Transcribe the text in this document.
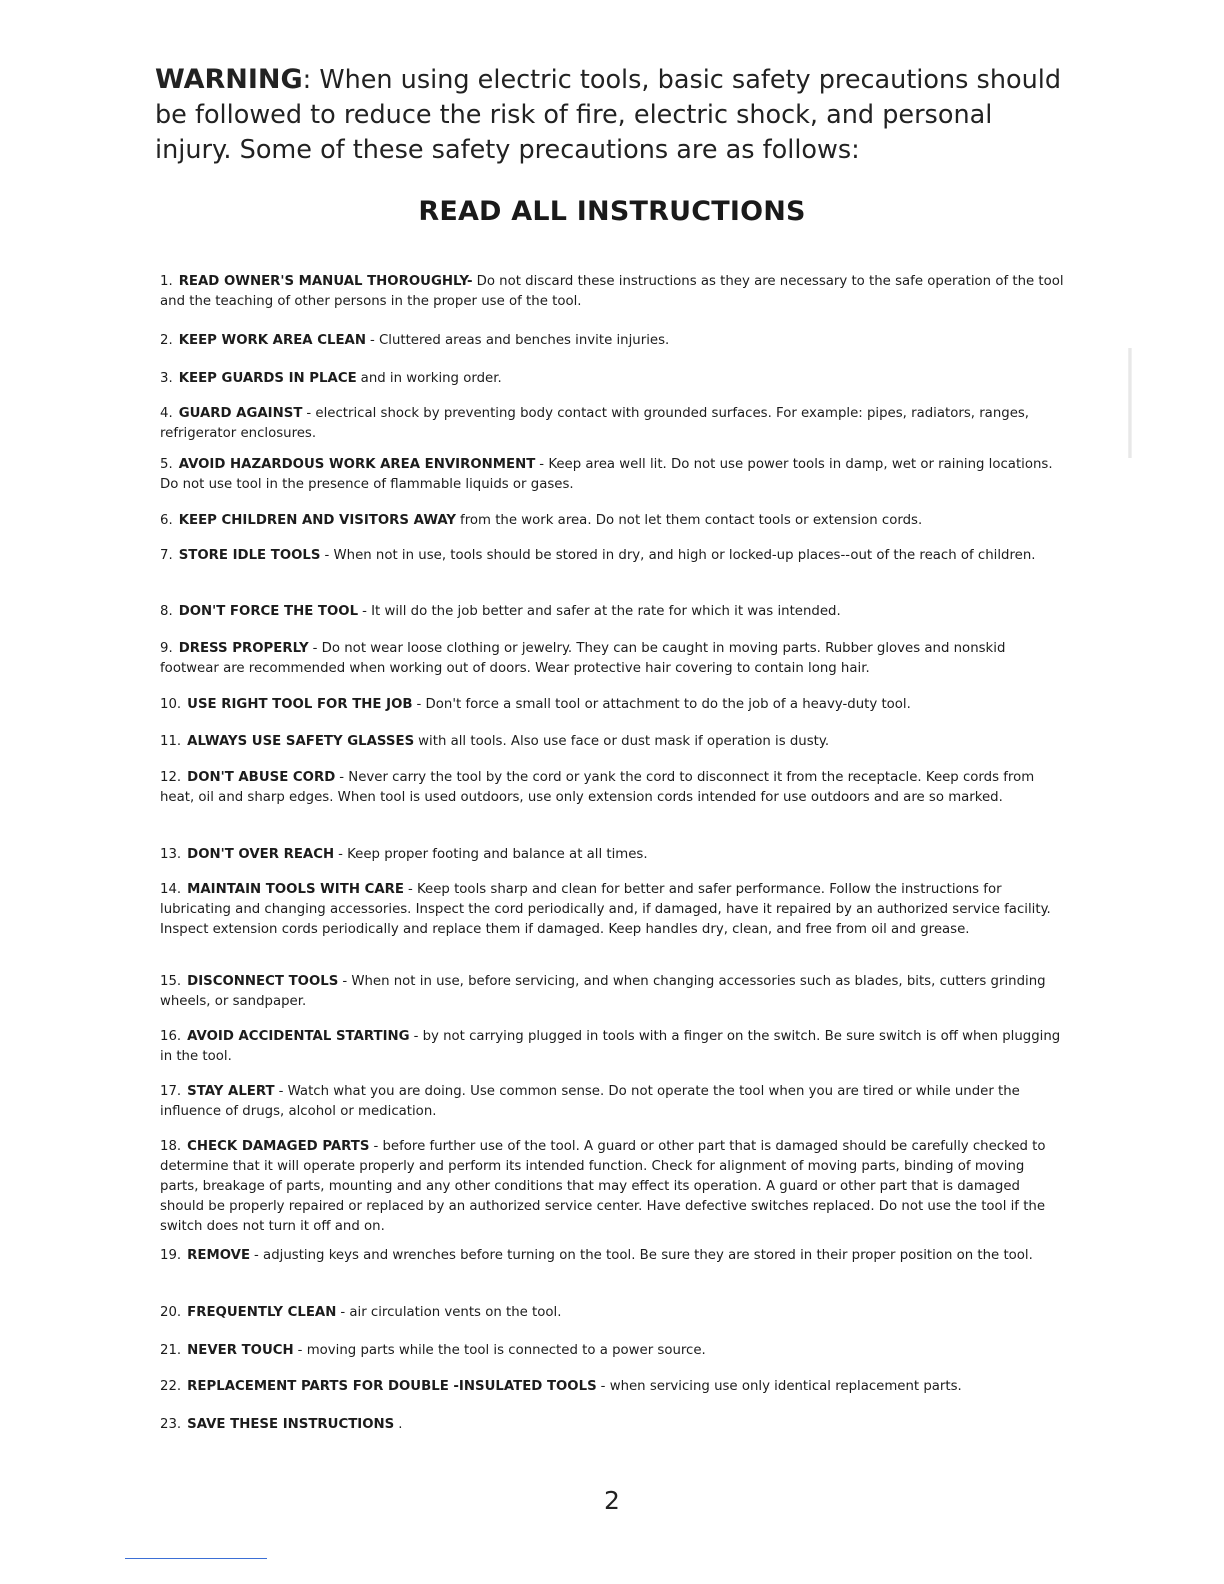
WARNING: When using electric tools, basic safety precautions should be followed to reduce the risk of fire, electric shock, and personal injury. Some of these safety precautions are as follows:
READ ALL INSTRUCTIONS
1. READ OWNER'S MANUAL THOROUGHLY- Do not discard these instructions as they are necessary to the safe operation of the tool and the teaching of other persons in the proper use of the tool.
2. KEEP WORK AREA CLEAN - Cluttered areas and benches invite injuries.
3. KEEP GUARDS IN PLACE and in working order.
4. GUARD AGAINST - electrical shock by preventing body contact with grounded surfaces. For example: pipes, radiators, ranges, refrigerator enclosures.
5. AVOID HAZARDOUS WORK AREA ENVIRONMENT - Keep area well lit. Do not use power tools in damp, wet or raining locations. Do not use tool in the presence of flammable liquids or gases.
6. KEEP CHILDREN AND VISITORS AWAY from the work area. Do not let them contact tools or extension cords.
7. STORE IDLE TOOLS - When not in use, tools should be stored in dry, and high or locked-up places--out of the reach of children.
8. DON'T FORCE THE TOOL - It will do the job better and safer at the rate for which it was intended.
9. DRESS PROPERLY - Do not wear loose clothing or jewelry. They can be caught in moving parts. Rubber gloves and nonskid footwear are recommended when working out of doors. Wear protective hair covering to contain long hair.
10. USE RIGHT TOOL FOR THE JOB - Don't force a small tool or attachment to do the job of a heavy-duty tool.
11. ALWAYS USE SAFETY GLASSES with all tools. Also use face or dust mask if operation is dusty.
12. DON'T ABUSE CORD - Never carry the tool by the cord or yank the cord to disconnect it from the receptacle. Keep cords from heat, oil and sharp edges. When tool is used outdoors, use only extension cords intended for use outdoors and are so marked.
13. DON'T OVER REACH - Keep proper footing and balance at all times.
14. MAINTAIN TOOLS WITH CARE - Keep tools sharp and clean for better and safer performance. Follow the instructions for lubricating and changing accessories. Inspect the cord periodically and, if damaged, have it repaired by an authorized service facility. Inspect extension cords periodically and replace them if damaged. Keep handles dry, clean, and free from oil and grease.
15. DISCONNECT TOOLS - When not in use, before servicing, and when changing accessories such as blades, bits, cutters grinding wheels, or sandpaper.
16. AVOID ACCIDENTAL STARTING - by not carrying plugged in tools with a finger on the switch. Be sure switch is off when plugging in the tool.
17. STAY ALERT - Watch what you are doing. Use common sense. Do not operate the tool when you are tired or while under the influence of drugs, alcohol or medication.
18. CHECK DAMAGED PARTS - before further use of the tool. A guard or other part that is damaged should be carefully checked to determine that it will operate properly and perform its intended function. Check for alignment of moving parts, binding of moving parts, breakage of parts, mounting and any other conditions that may effect its operation. A guard or other part that is damaged should be properly repaired or replaced by an authorized service center. Have defective switches replaced. Do not use the tool if the switch does not turn it off and on.
19. REMOVE - adjusting keys and wrenches before turning on the tool. Be sure they are stored in their proper position on the tool.
20. FREQUENTLY CLEAN - air circulation vents on the tool.
21. NEVER TOUCH - moving parts while the tool is connected to a power source.
22. REPLACEMENT PARTS FOR DOUBLE -INSULATED TOOLS - when servicing use only identical replacement parts.
23. SAVE THESE INSTRUCTIONS .
2
